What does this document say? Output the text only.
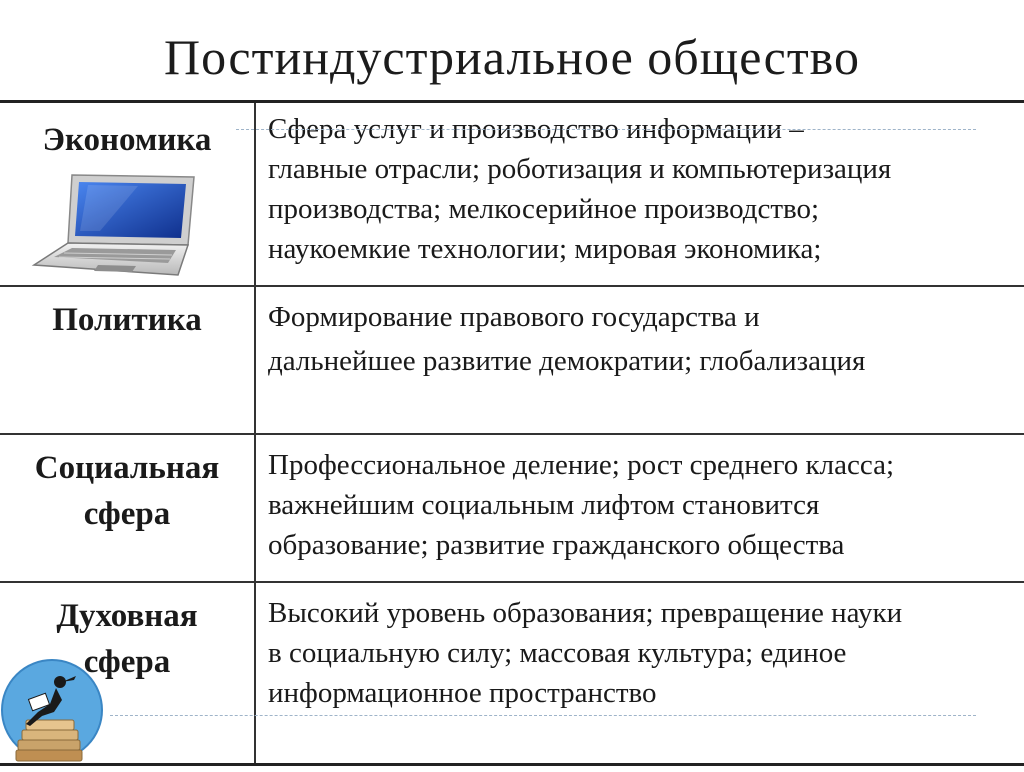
Постиндустриальное общество
Экономика	Сфера услуг и производство информации –
главные отрасли; роботизация и компьютеризация
производства; мелкосерийное производство;
наукоемкие технологии; мировая экономика;
Политика	Формирование правового государства и
дальнейшее развитие демократии; глобализация
Социальная
сфера
Профессиональное деление; рост среднего класса;
важнейшим социальным лифтом становится
образование; развитие гражданского общества
Духовная
сфера
Высокий уровень образования; превращение науки
в социальную силу; массовая культура; единое
информационное пространство
